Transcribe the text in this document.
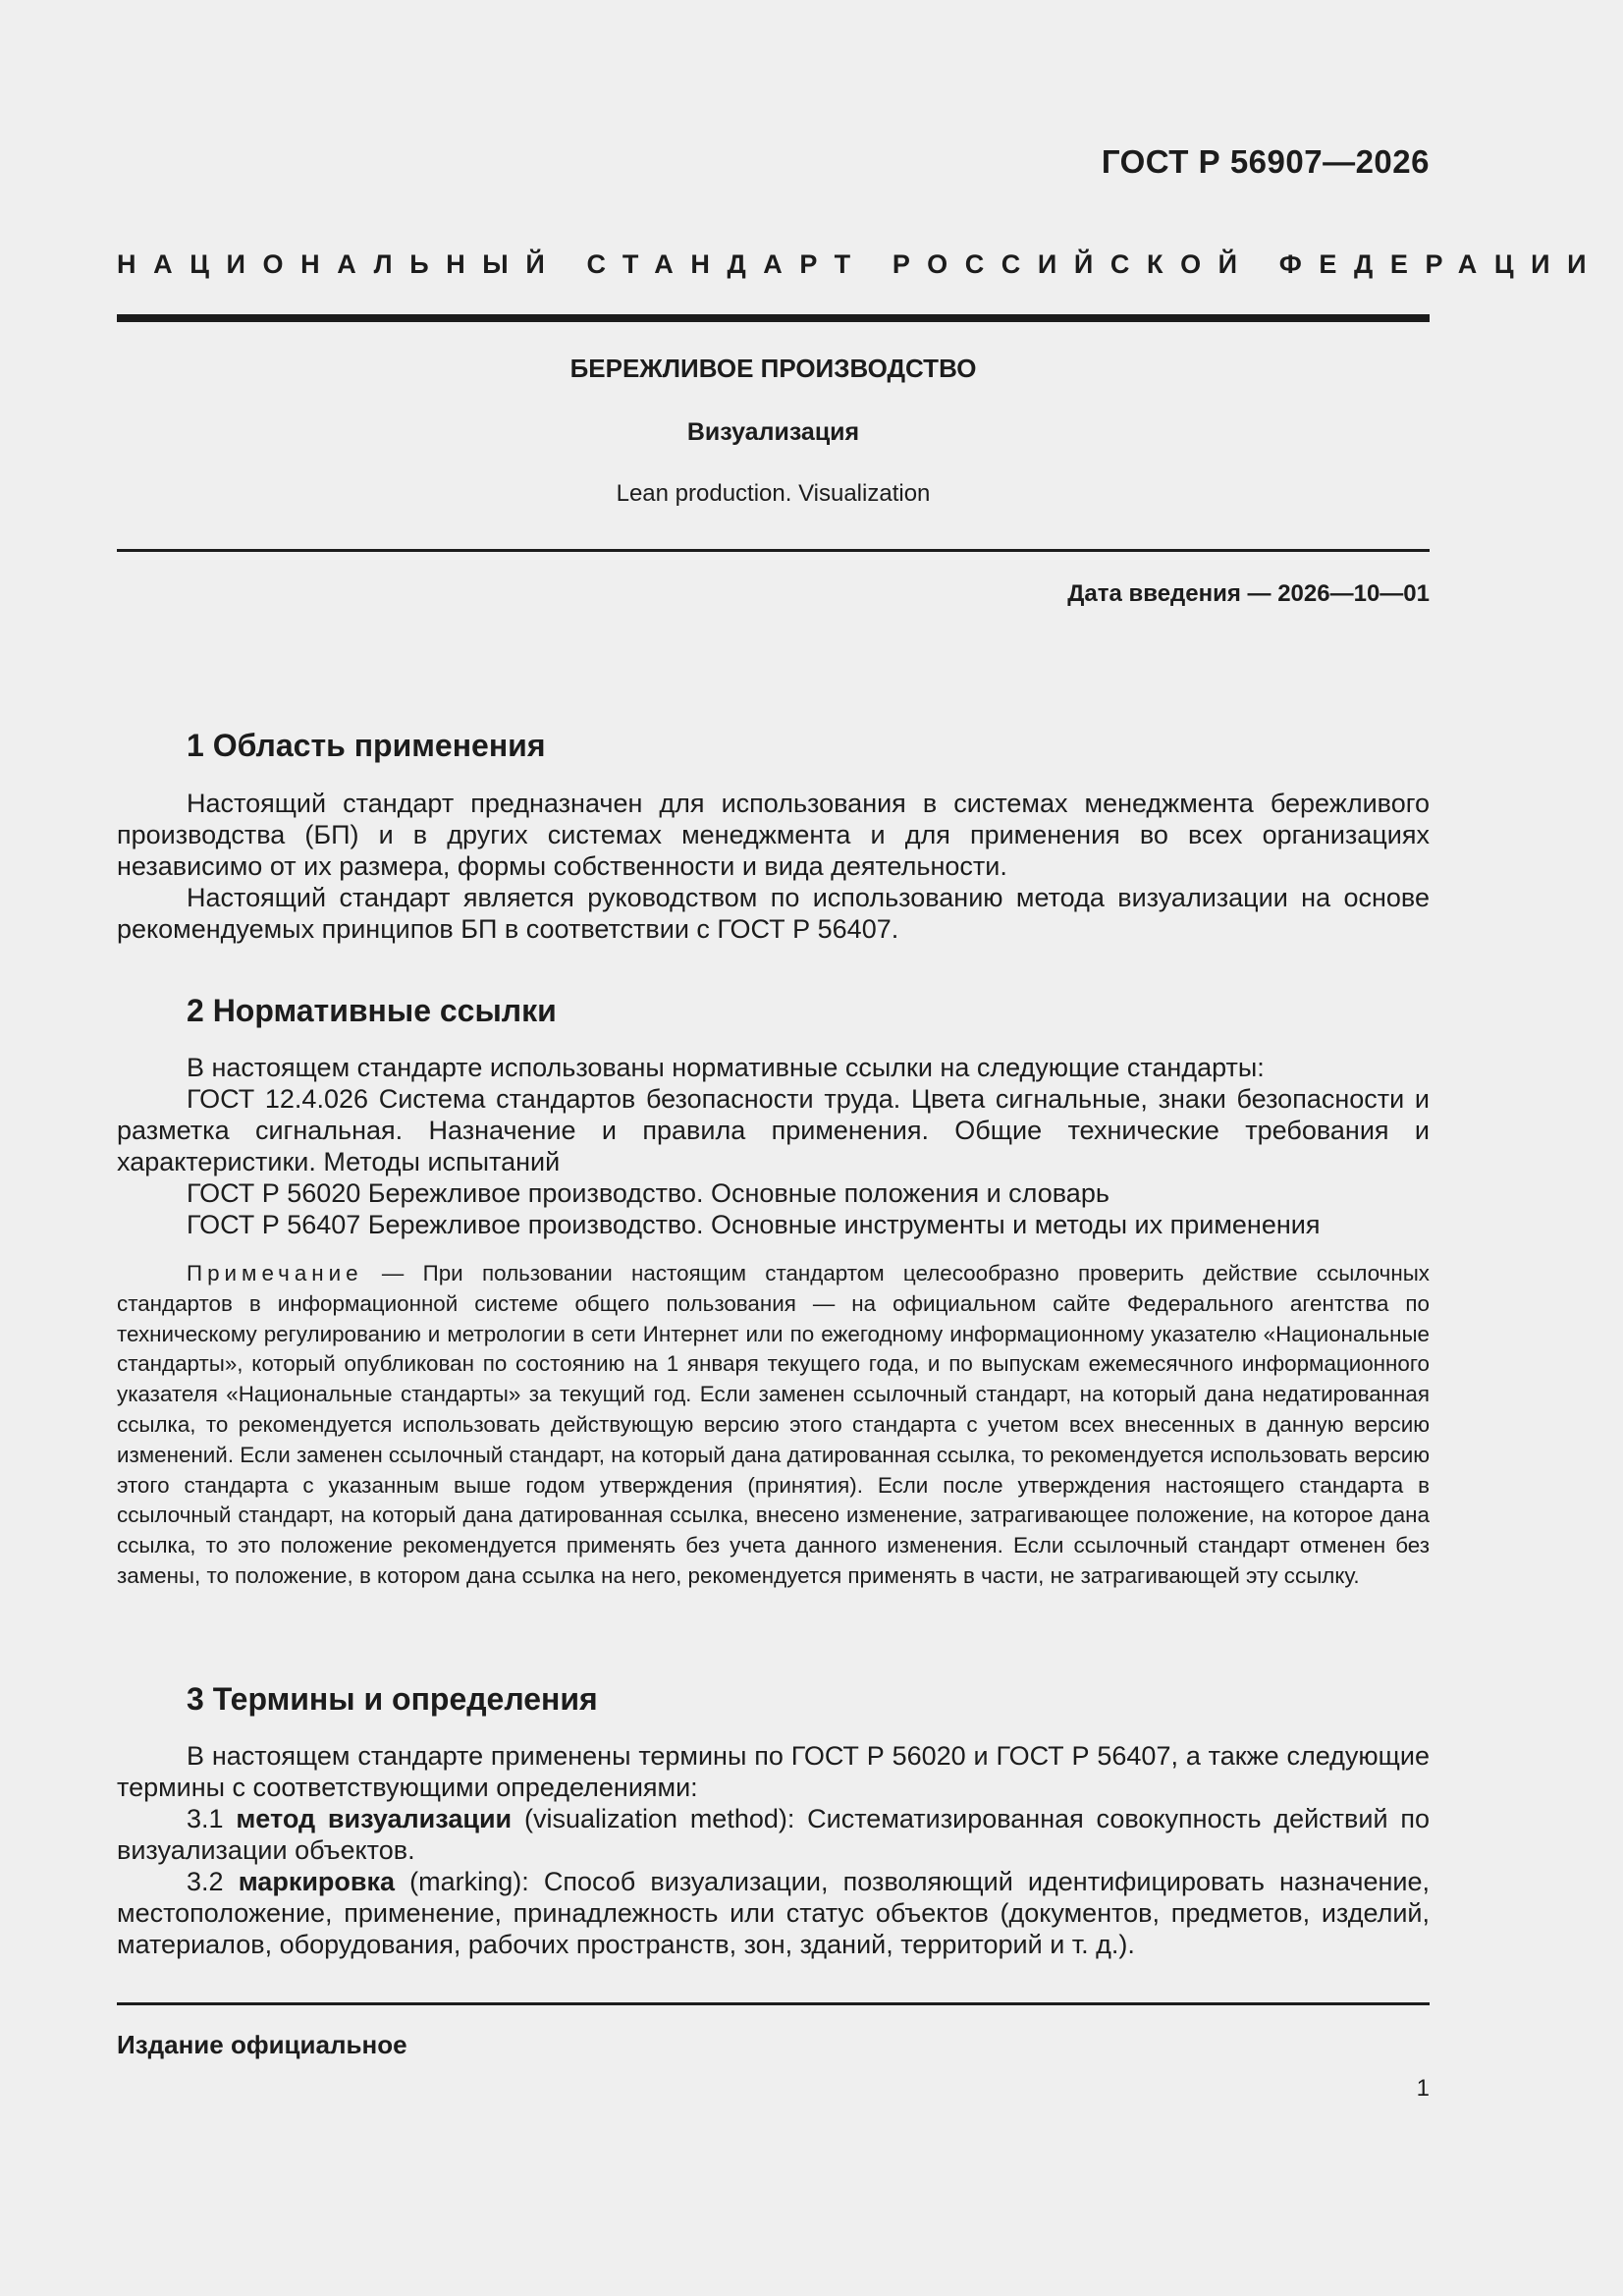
ГОСТ Р 56907—2026
НАЦИОНАЛЬНЫЙ СТАНДАРТ РОССИЙСКОЙ ФЕДЕРАЦИИ
БЕРЕЖЛИВОЕ ПРОИЗВОДСТВО
Визуализация
Lean production. Visualization
Дата введения — 2026—10—01
1 Область применения

Настоящий стандарт предназначен для использования в системах менеджмента бережливого производства (БП) и в других системах менеджмента и для применения во всех организациях независимо от их размера, формы собственности и вида деятельности.

Настоящий стандарт является руководством по использованию метода визуализации на основе рекомендуемых принципов БП в соответствии с ГОСТ Р 56407.

2 Нормативные ссылки

В настоящем стандарте использованы нормативные ссылки на следующие стандарты:

ГОСТ 12.4.026 Система стандартов безопасности труда. Цвета сигнальные, знаки безопасности и разметка сигнальная. Назначение и правила применения. Общие технические требования и характеристики. Методы испытаний

ГОСТ Р 56020 Бережливое производство. Основные положения и словарь

ГОСТ Р 56407 Бережливое производство. Основные инструменты и методы их применения

Примечание — При пользовании настоящим стандартом целесообразно проверить действие ссылочных стандартов в информационной системе общего пользования — на официальном сайте Федерального агентства по техническому регулированию и метрологии в сети Интернет или по ежегодному информационному указателю «Национальные стандарты», который опубликован по состоянию на 1 января текущего года, и по выпускам ежемесячного информационного указателя «Национальные стандарты» за текущий год. Если заменен ссылочный стандарт, на который дана недатированная ссылка, то рекомендуется использовать действующую версию этого стандарта с учетом всех внесенных в данную версию изменений. Если заменен ссылочный стандарт, на который дана датированная ссылка, то рекомендуется использовать версию этого стандарта с указанным выше годом утверждения (принятия). Если после утверждения настоящего стандарта в ссылочный стандарт, на который дана датированная ссылка, внесено изменение, затрагивающее положение, на которое дана ссылка, то это положение рекомендуется применять без учета данного изменения. Если ссылочный стандарт отменен без замены, то положение, в котором дана ссылка на него, рекомендуется применять в части, не затрагивающей эту ссылку.

3 Термины и определения

В настоящем стандарте применены термины по ГОСТ Р 56020 и ГОСТ Р 56407, а также следующие термины с соответствующими определениями:

3.1 метод визуализации (visualization method): Систематизированная совокупность действий по визуализации объектов.

3.2 маркировка (marking): Способ визуализации, позволяющий идентифицировать назначение, местоположение, применение, принадлежность или статус объектов (документов, предметов, изделий, материалов, оборудования, рабочих пространств, зон, зданий, территорий и т. д.).

Издание официальное
1
